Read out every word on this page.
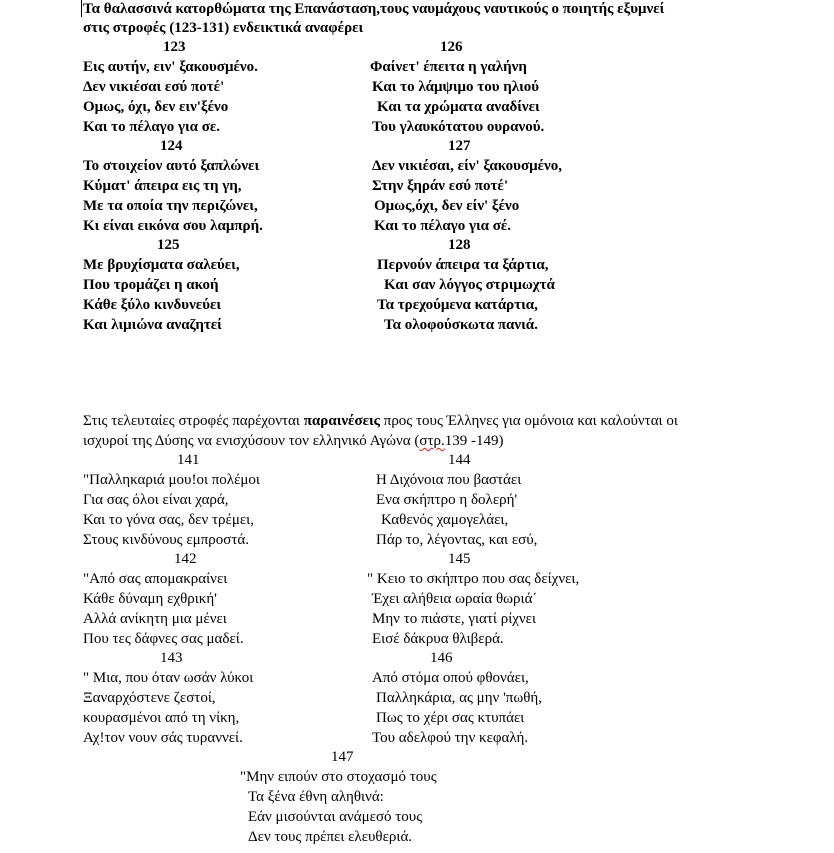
Τα θαλασσινά κατορθώματα της Επανάσταση,τους ναυμάχους ναυτικούς ο ποιητής εξυμνεί
στις στροφές (123-131) ενδεικτικά αναφέρει
123
Εις αυτήν, ειν' ξακουσμένο.
Δεν νικιέσαι εσύ ποτέ'
Ομως, όχι, δεν ειν'ξένο
Και το πέλαγο για σε.
124
Το στοιχείον αυτό ξαπλώνει
Κύματ' άπειρα εις τη γη,
Με τα οποία την περιζώνει,
Κι είναι εικόνα σου λαμπρή.
125
Με βρυχίσματα σαλεύει,
Που τρομάζει η ακοή
Κάθε ξύλο κινδυνεύει
Και λιμιώνα αναζητεί
126
Φαίνετ' έπειτα η γαλήνη
Και το λάμψιμο του ηλιού
Και τα χρώματα αναδίνει
Του γλαυκότατου ουρανού.
127
Δεν νικιέσαι, είν' ξακουσμένο,
Στην ξηράν εσύ ποτέ'
Ομως,όχι, δεν είν' ξένο
Και το πέλαγο για σέ.
128
Περνούν άπειρα τα ξάρτια,
Και σαν λόγγος στριμωχτά
Τα τρεχούμενα κατάρτια,
Τα ολοφούσκωτα πανιά.
Στις τελευταίες στροφές παρέχονται παραινέσεις προς τους Έλληνες για ομόνοια και καλούνται οι
ισχυροί της Δύσης να ενισχύσουν τον ελληνικό Αγώνα (στρ.139 -149)
141
"Παλληκαριά μου!οι πολέμοι
Για σας όλοι είναι χαρά,
Και το γόνα σας, δεν τρέμει,
Στους κινδύνους εμπροστά.
142
"Από σας απομακραίνει
Κάθε δύναμη εχθρική'
Αλλά ανίκητη μια μένει
Που τες δάφνες σας μαδεί.
143
" Μια, που όταν ωσάν λύκοι
Ξαναρχόστενε ζεστοί,
κουρασμένοι από τη νίκη,
Αχ!τον νουν σάς τυραννεί.
144
Η Διχόνοια που βαστάει
Ενα σκήπτρο η δολερή'
Καθενός χαμογελάει,
Πάρ το, λέγοντας, και εσύ,
145
" Κειο το σκήπτρο που σας δείχνει,
Έχει αλήθεια ωραία θωριά΄
Μην το πιάστε, γιατί ρίχνει
Εισέ δάκρυα θλιβερά.
146
Από στόμα οπού φθονάει,
Παλληκάρια, ας μην 'πωθή,
Πως το χέρι σας κτυπάει
Του αδελφού την κεφαλή.
147
"Μην ειπούν στο στοχασμό τους
Τα ξένα έθνη αληθινά:
Εάν μισούνται ανάμεσό τους
Δεν τους πρέπει ελευθεριά.
